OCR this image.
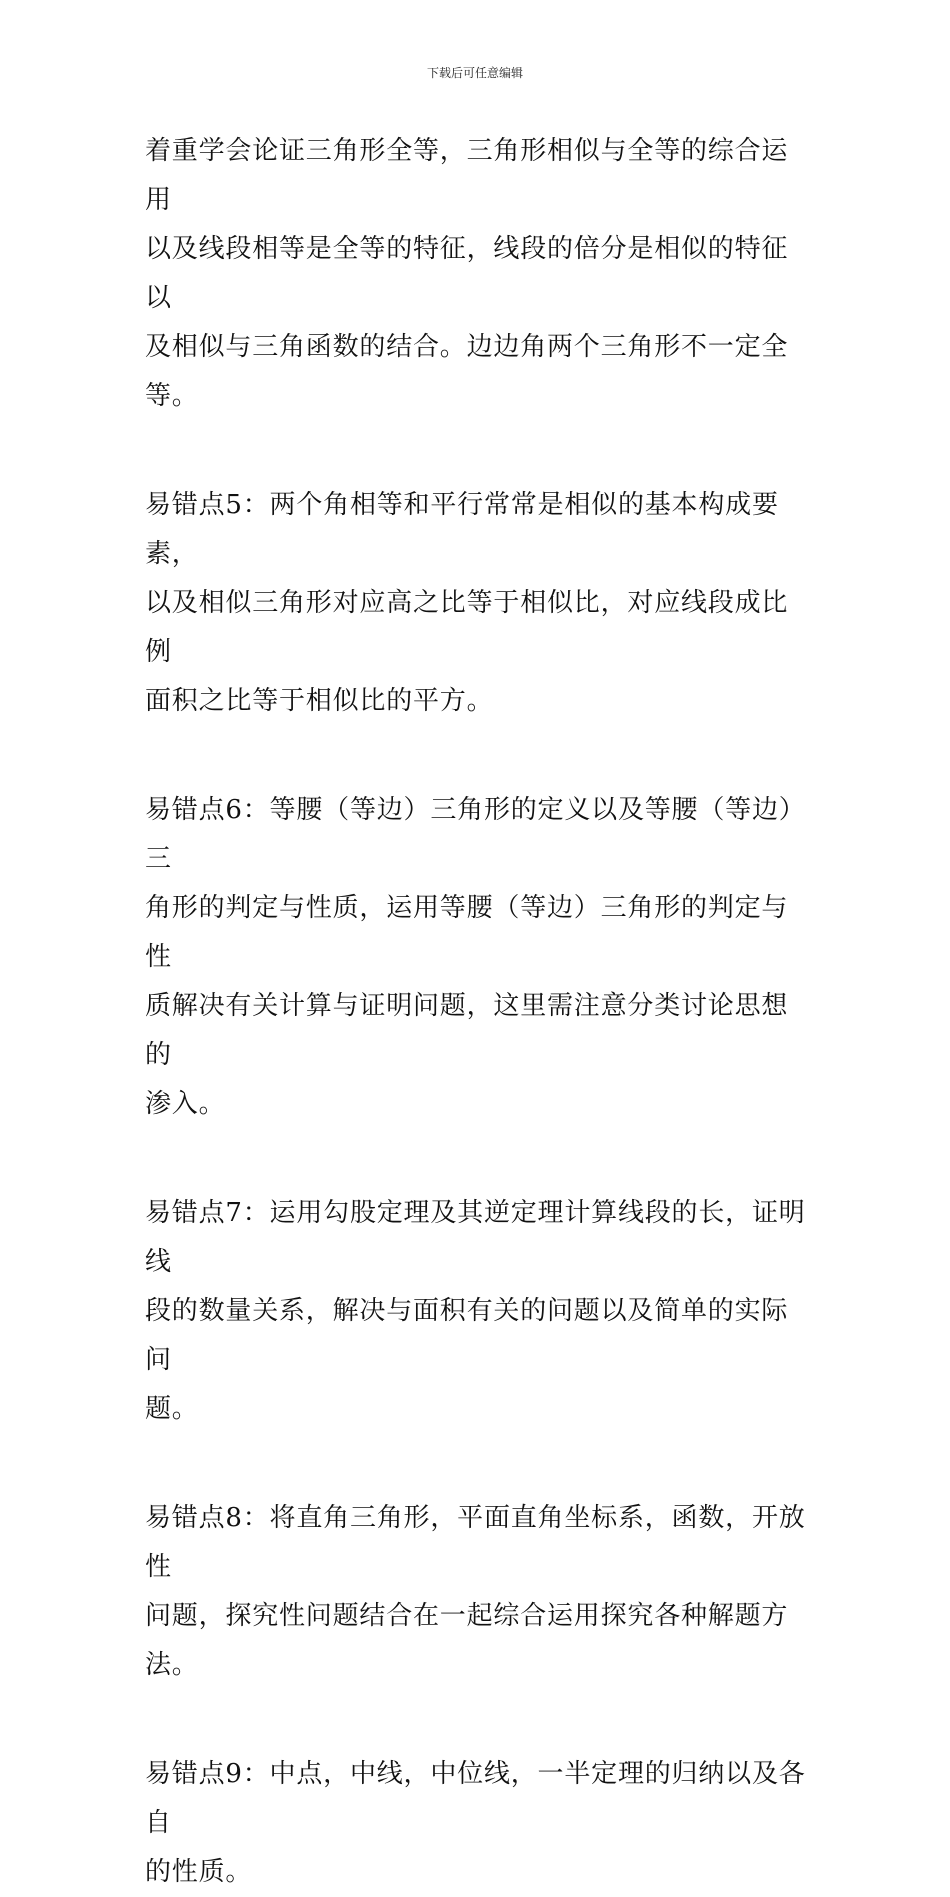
下载后可任意编辑
着重学会论证三角形全等，三角形相似与全等的综合运用
以及线段相等是全等的特征，线段的倍分是相似的特征以
及相似与三角函数的结合。边边角两个三角形不一定全等。
易错点5：两个角相等和平行常常是相似的基本构成要素，
以及相似三角形对应高之比等于相似比，对应线段成比例
面积之比等于相似比的平方。
易错点6：等腰（等边）三角形的定义以及等腰（等边）三
角形的判定与性质，运用等腰（等边）三角形的判定与性
质解决有关计算与证明问题，这里需注意分类讨论思想的
渗入。
易错点7：运用勾股定理及其逆定理计算线段的长，证明线
段的数量关系，解决与面积有关的问题以及简单的实际问
题。
易错点8：将直角三角形，平面直角坐标系，函数，开放性
问题，探究性问题结合在一起综合运用探究各种解题方法。
易错点9：中点，中线，中位线，一半定理的归纳以及各自
的性质。
